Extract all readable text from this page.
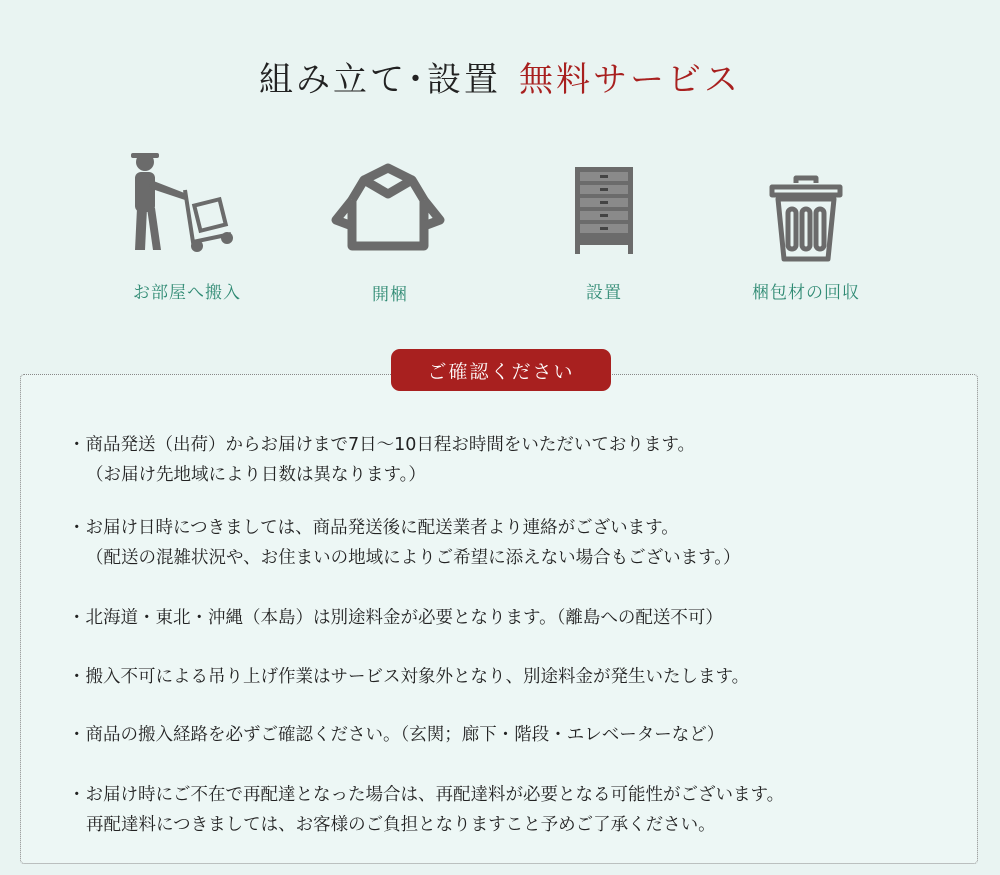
組み立て･設置 無料サービス
お部屋へ搬入	開梱	設置	梱包材の回収
ご確認ください

・商品発送（出荷）からお届けまで7日～10日程お時間をいただいております。
（お届け先地域により日数は異なります。）

・お届け日時につきましては、商品発送後に配送業者より連絡がございます。
（配送の混雑状況や、お住まいの地域によりご希望に添えない場合もございます。）

・北海道・東北・沖縄（本島）は別途料金が必要となります。（離島への配送不可）

・搬入不可による吊り上げ作業はサービス対象外となり、別途料金が発生いたします。

・商品の搬入経路を必ずご確認ください。（玄関；廊下・階段・エレベーターなど）

・お届け時にご不在で再配達となった場合は、再配達料が必要となる可能性がございます。
再配達料につきましては、お客様のご負担となりますこと予めご了承ください。
